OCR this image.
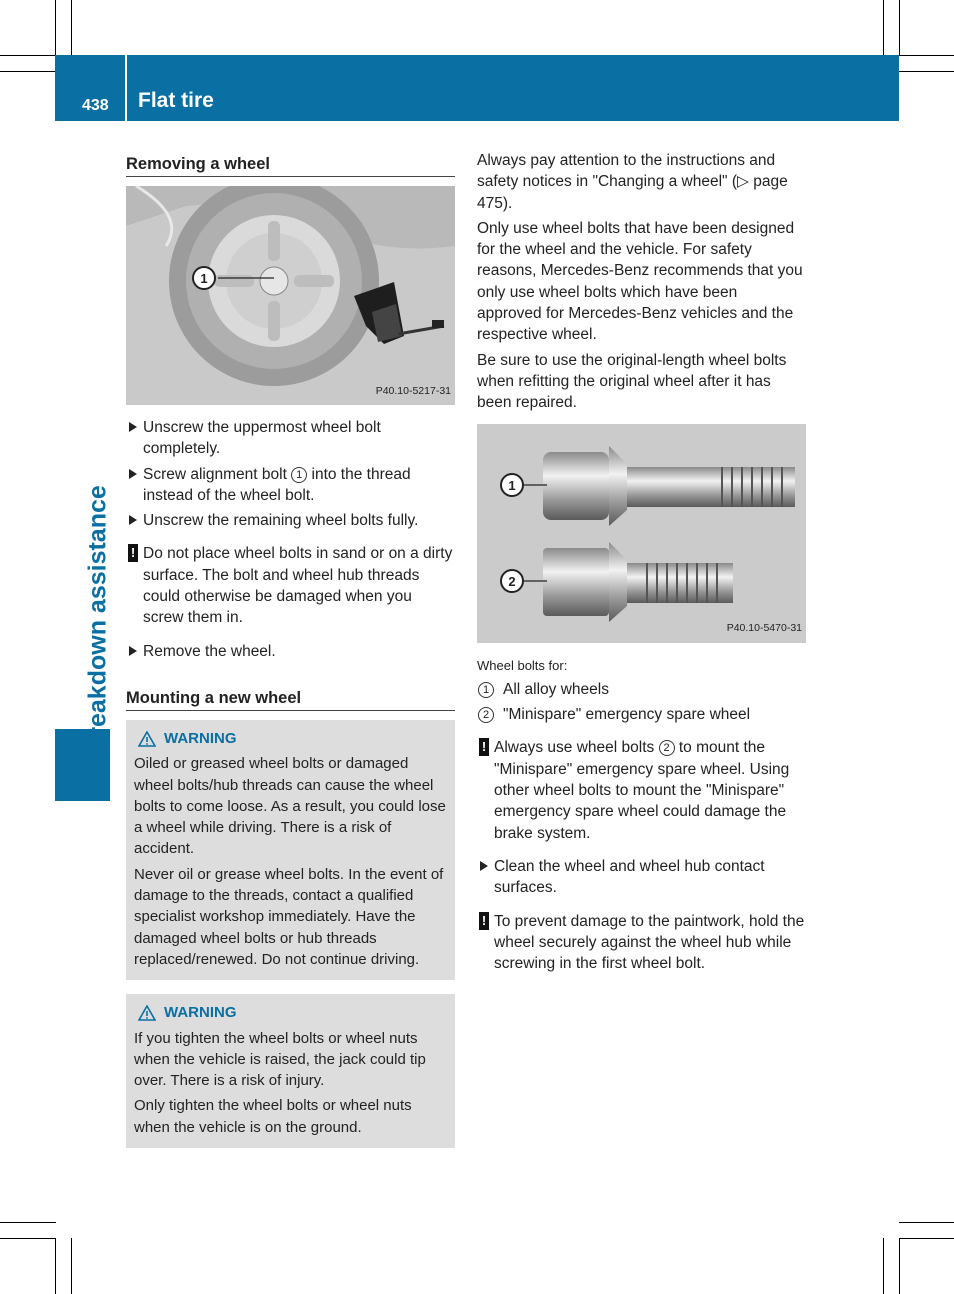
438 Flat tire
Breakdown assistance
Removing a wheel
1
P40.10-5217-31
Unscrew the uppermost wheel bolt completely.
Screw alignment bolt 1 into the thread instead of the wheel bolt.
Unscrew the remaining wheel bolts fully.
! Do not place wheel bolts in sand or on a dirty surface. The bolt and wheel hub threads could otherwise be damaged when you screw them in.
Remove the wheel.
Mounting a new wheel
WARNING

Oiled or greased wheel bolts or damaged wheel bolts/hub threads can cause the wheel bolts to come loose. As a result, you could lose a wheel while driving. There is a risk of accident.

Never oil or grease wheel bolts. In the event of damage to the threads, contact a qualified specialist workshop immediately. Have the damaged wheel bolts or hub threads replaced/renewed. Do not continue driving.

WARNING

If you tighten the wheel bolts or wheel nuts when the vehicle is raised, the jack could tip over. There is a risk of injury.

Only tighten the wheel bolts or wheel nuts when the vehicle is on the ground.

Always pay attention to the instructions and safety notices in "Changing a wheel" (▷ page 475).

Only use wheel bolts that have been designed for the wheel and the vehicle. For safety reasons, Mercedes-Benz recommends that you only use wheel bolts which have been approved for Mercedes-Benz vehicles and the respective wheel.

Be sure to use the original-length wheel bolts when refitting the original wheel after it has been repaired.

1
2
P40.10-5470-31
Wheel bolts for:
1 All alloy wheels
2 "Minispare" emergency spare wheel
! Always use wheel bolts 2 to mount the "Minispare" emergency spare wheel. Using other wheel bolts to mount the "Minispare" emergency spare wheel could damage the brake system.
Clean the wheel and wheel hub contact surfaces.
! To prevent damage to the paintwork, hold the wheel securely against the wheel hub while screwing in the first wheel bolt.
